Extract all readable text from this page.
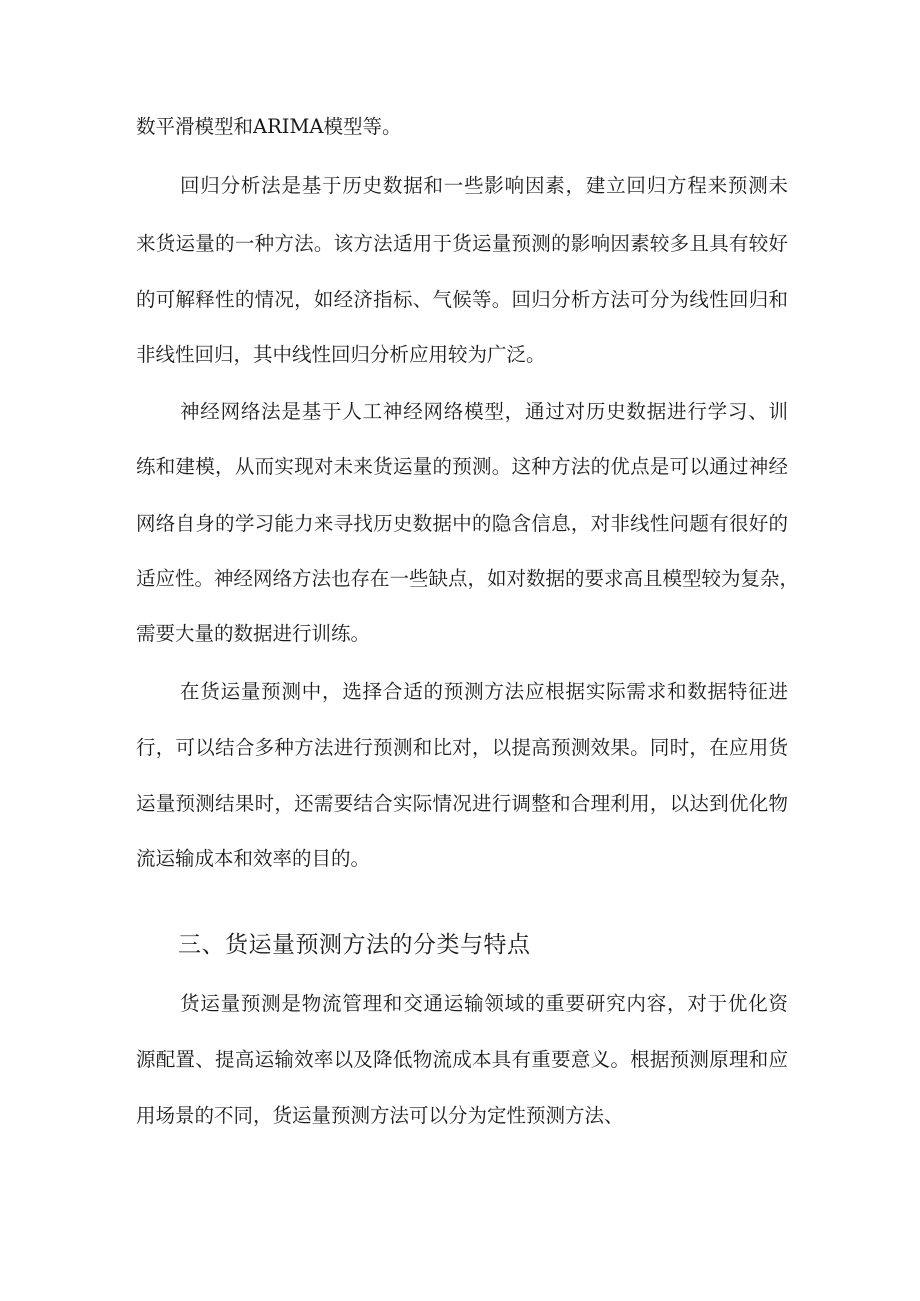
数平滑模型和ARIMA模型等。
回归分析法是基于历史数据和一些影响因素，建立回归方程来预测未
来货运量的一种方法。该方法适用于货运量预测的影响因素较多且具有较好
的可解释性的情况，如经济指标、气候等。回归分析方法可分为线性回归和
非线性回归，其中线性回归分析应用较为广泛。
神经网络法是基于人工神经网络模型，通过对历史数据进行学习、训
练和建模，从而实现对未来货运量的预测。这种方法的优点是可以通过神经
网络自身的学习能力来寻找历史数据中的隐含信息，对非线性问题有很好的
适应性。神经网络方法也存在一些缺点，如对数据的要求高且模型较为复杂，
需要大量的数据进行训练。
在货运量预测中，选择合适的预测方法应根据实际需求和数据特征进
行，可以结合多种方法进行预测和比对，以提高预测效果。同时，在应用货
运量预测结果时，还需要结合实际情况进行调整和合理利用，以达到优化物
流运输成本和效率的目的。
三、货运量预测方法的分类与特点
货运量预测是物流管理和交通运输领域的重要研究内容，对于优化资
源配置、提高运输效率以及降低物流成本具有重要意义。根据预测原理和应
用场景的不同，货运量预测方法可以分为定性预测方法、
